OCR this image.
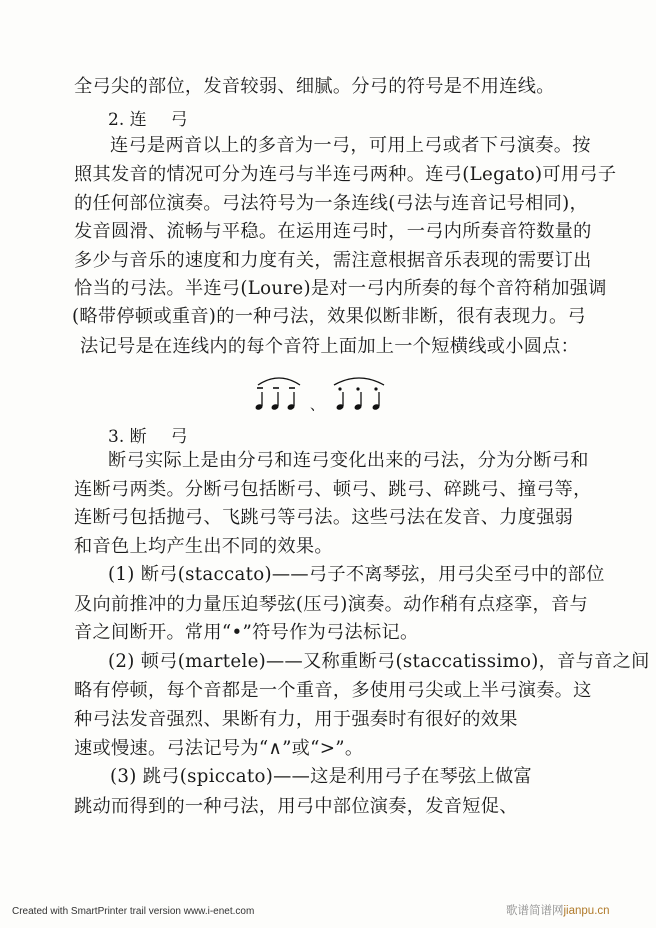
全弓尖的部位，发音较弱、细腻。分弓的符号是不用连线。

2. 连 弓

连弓是两音以上的多音为一弓，可用上弓或者下弓演奏。按

照其发音的情况可分为连弓与半连弓两种。连弓(Legato)可用弓子

的任何部位演奏。弓法符号为一条连线(弓法与连音记号相同)，

发音圆滑、流畅与平稳。在运用连弓时，一弓内所奏音符数量的

多少与音乐的速度和力度有关，需注意根据音乐表现的需要订出

恰当的弓法。半连弓(Loure)是对一弓内所奏的每个音符稍加强调

(略带停顿或重音)的一种弓法，效果似断非断，很有表现力。弓

法记号是在连线内的每个音符上面加上一个短横线或小圆点：

、

3. 断 弓

断弓实际上是由分弓和连弓变化出来的弓法，分为分断弓和

连断弓两类。分断弓包括断弓、顿弓、跳弓、碎跳弓、撞弓等，

连断弓包括抛弓、飞跳弓等弓法。这些弓法在发音、力度强弱

和音色上均产生出不同的效果。

(1) 断弓(staccato)——弓子不离琴弦，用弓尖至弓中的部位

及向前推冲的力量压迫琴弦(压弓)演奏。动作稍有点痉挛，音与

音之间断开。常用“•”符号作为弓法标记。

(2) 顿弓(martele)——又称重断弓(staccatissimo)，音与音之间

略有停顿，每个音都是一个重音，多使用弓尖或上半弓演奏。这

种弓法发音强烈、果断有力，用于强奏时有很好的效果

速或慢速。弓法记号为“∧”或“>”。

(3) 跳弓(spiccato)——这是利用弓子在琴弦上做富

跳动而得到的一种弓法，用弓中部位演奏，发音短促、

Created with SmartPrinter trail version www.i-enet.com	歌谱简谱网jianpu.cn
